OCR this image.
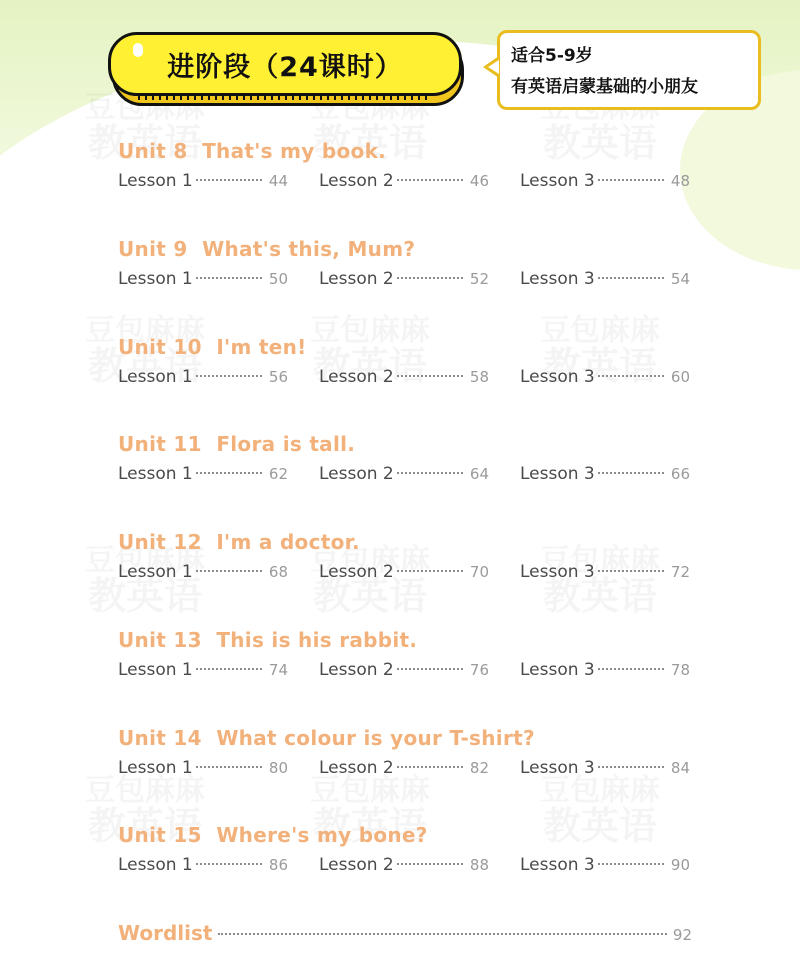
进阶段（24课时）	适合5-9岁
有英语启蒙基础的小朋友
Unit 8  That's my book.
Lesson 1	44 Lesson 2	46 Lesson 3	48
Unit 9  What's this, Mum?
Lesson 1	50 Lesson 2	52 Lesson 3	54
Unit 10  I'm ten!
Lesson 1	56 Lesson 2	58 Lesson 3	60
Unit 11  Flora is tall.
Lesson 1	62 Lesson 2	64 Lesson 3	66
Unit 12  I'm a doctor.
Lesson 1	68 Lesson 2	70 Lesson 3	72
Unit 13  This is his rabbit.
Lesson 1	74 Lesson 2	76 Lesson 3	78
Unit 14  What colour is your T-shirt?
Lesson 1	80 Lesson 2	82 Lesson 3	84
Unit 15  Where's my bone?
Lesson 1	86 Lesson 2	88 Lesson 3	90
Wordlist	92
